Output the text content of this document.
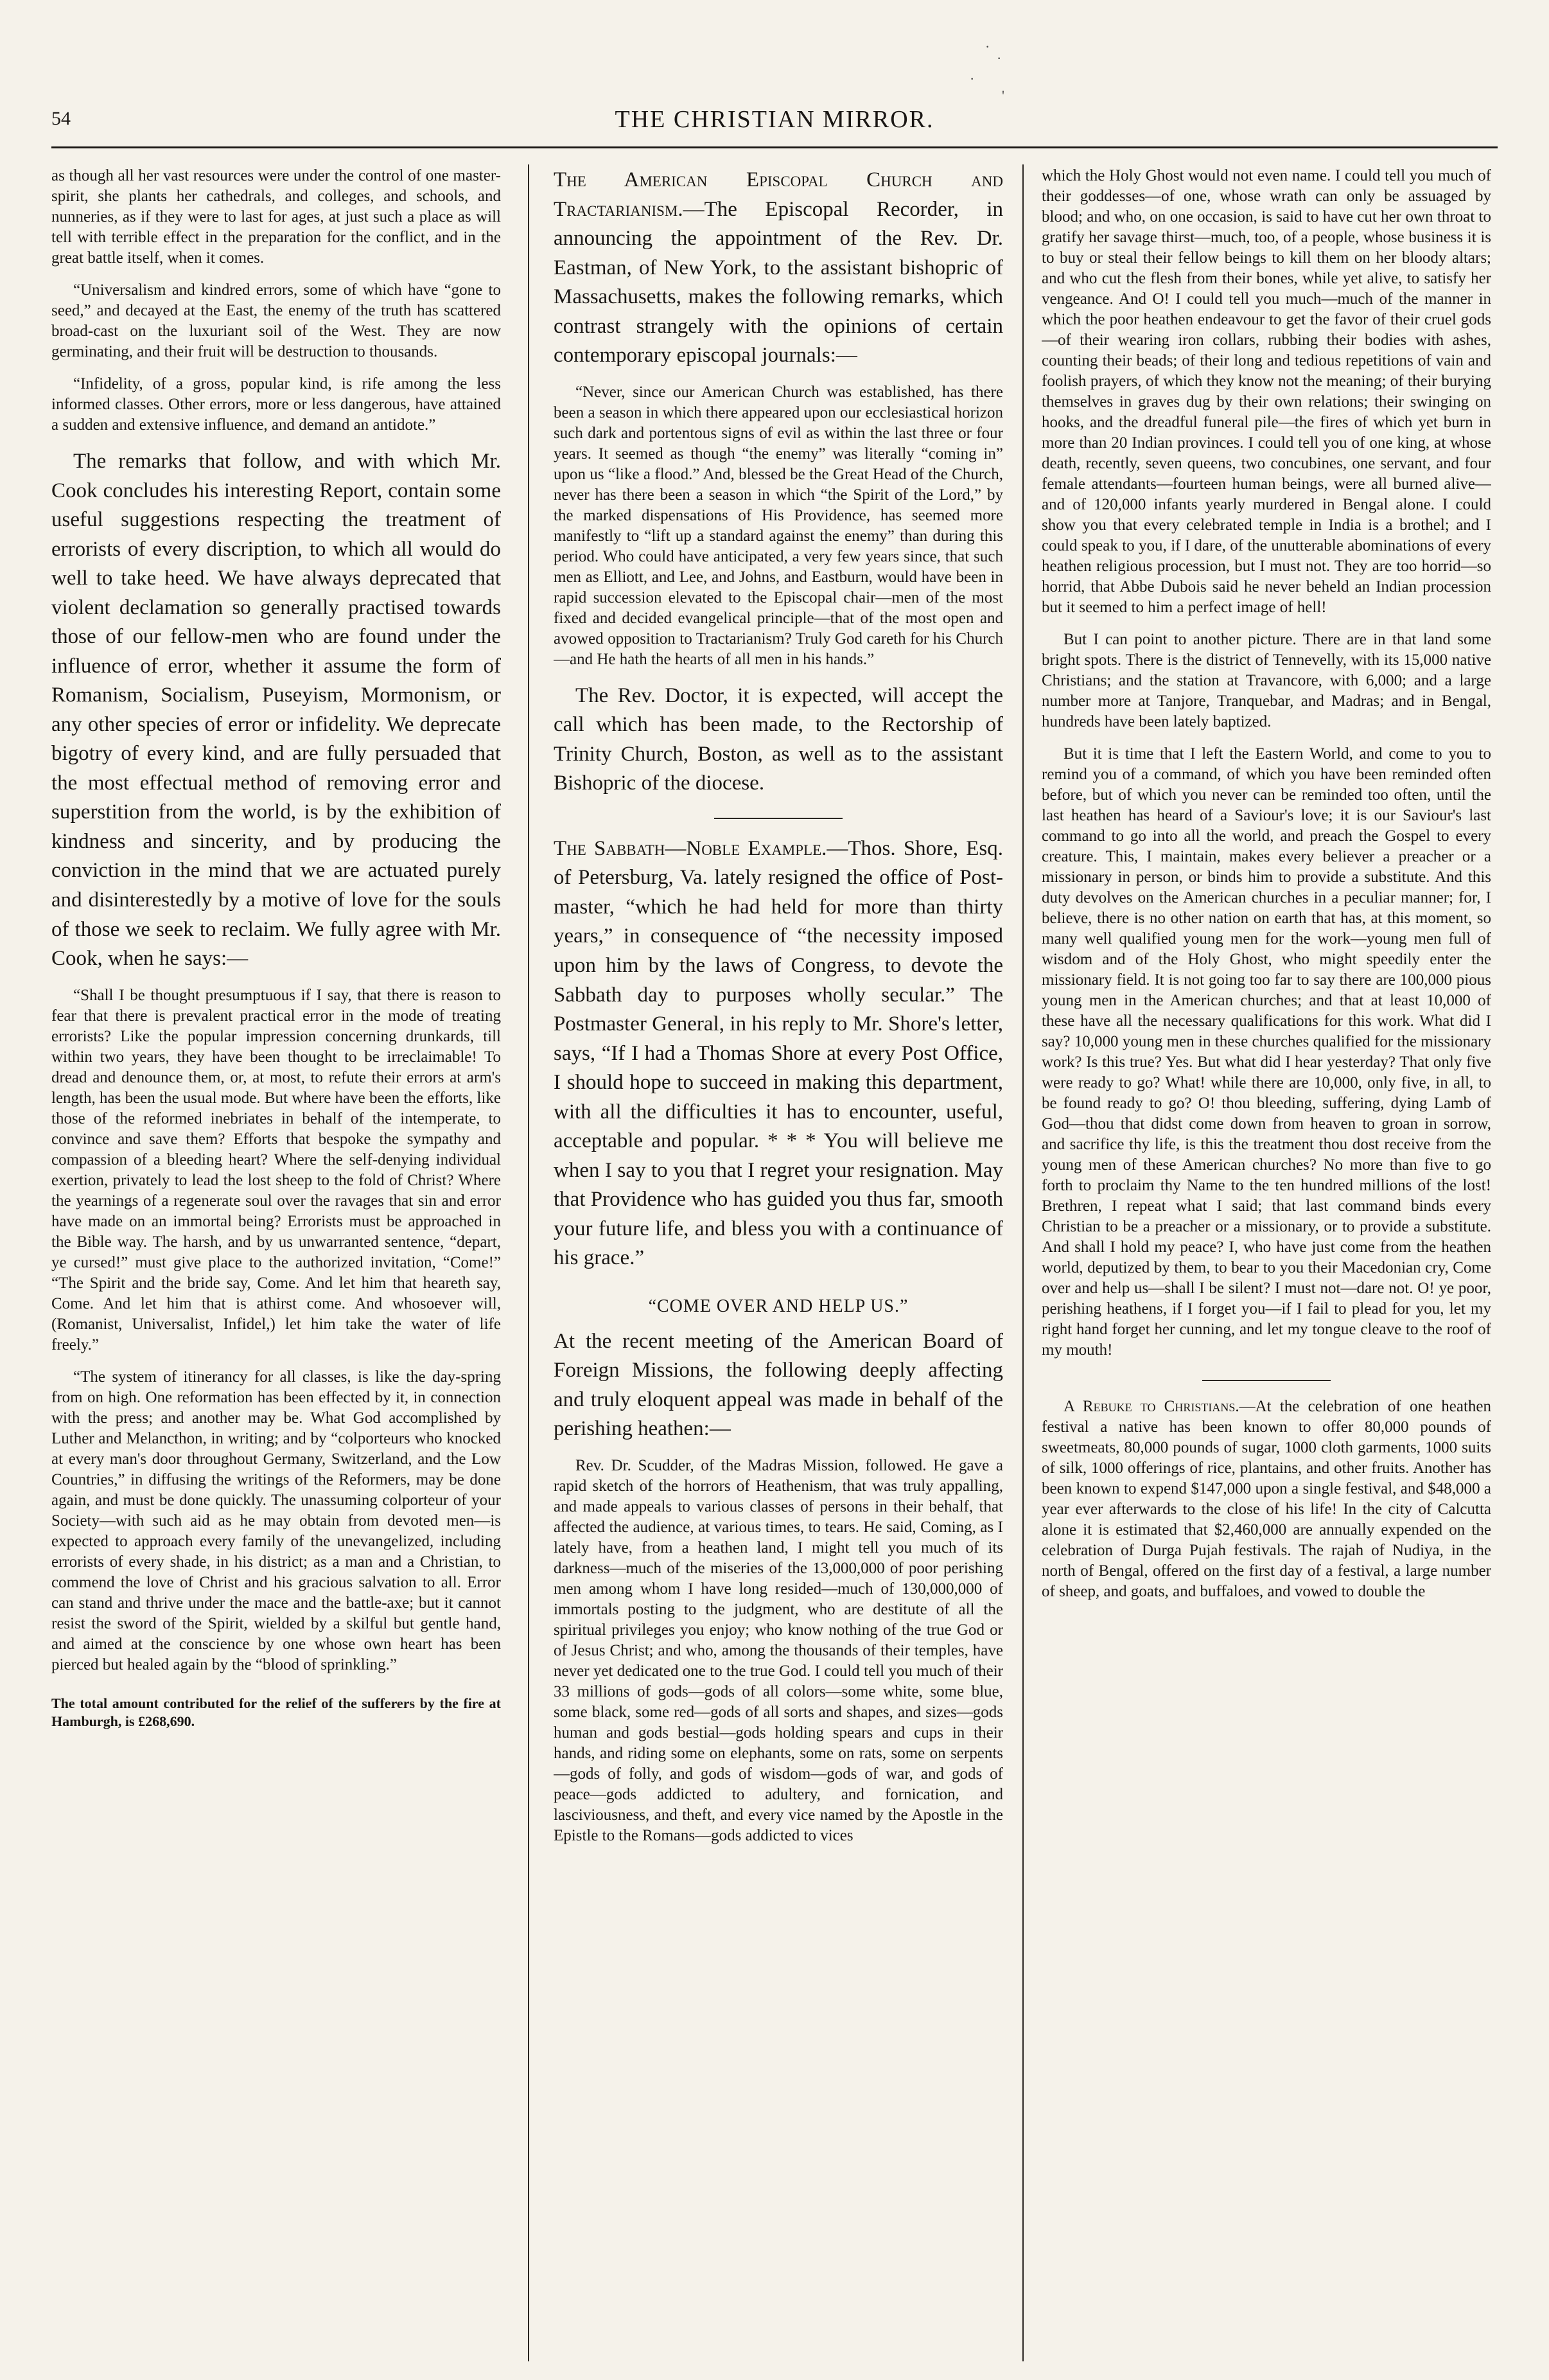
·
·
·
'
54	THE CHRISTIAN MIRROR.

as though all her vast resources were under the control of one master-spirit, she plants her cathedrals, and colleges, and schools, and nunneries, as if they were to last for ages, at just such a place as will tell with terrible effect in the preparation for the conflict, and in the great battle itself, when it comes.

“Universalism and kindred errors, some of which have “gone to seed,” and decayed at the East, the enemy of the truth has scattered broad-cast on the luxuriant soil of the West. They are now germinating, and their fruit will be destruction to thousands.

“Infidelity, of a gross, popular kind, is rife among the less informed classes. Other errors, more or less dangerous, have attained a sudden and extensive influence, and demand an antidote.”

The remarks that follow, and with which Mr. Cook concludes his interesting Report, contain some useful suggestions respecting the treatment of errorists of every discription, to which all would do well to take heed. We have always deprecated that violent declamation so generally practised towards those of our fellow-men who are found under the influence of error, whether it assume the form of Romanism, Socialism, Puseyism, Mormonism, or any other species of error or infidelity. We deprecate bigotry of every kind, and are fully persuaded that the most effectual method of removing error and superstition from the world, is by the exhibition of kindness and sincerity, and by producing the conviction in the mind that we are actuated purely and disinterestedly by a motive of love for the souls of those we seek to reclaim. We fully agree with Mr. Cook, when he says:—

“Shall I be thought presumptuous if I say, that there is reason to fear that there is prevalent practical error in the mode of treating errorists? Like the popular impression concerning drunkards, till within two years, they have been thought to be irreclaimable! To dread and denounce them, or, at most, to refute their errors at arm's length, has been the usual mode. But where have been the efforts, like those of the reformed inebriates in behalf of the intemperate, to convince and save them? Efforts that bespoke the sympathy and compassion of a bleeding heart? Where the self-denying individual exertion, privately to lead the lost sheep to the fold of Christ? Where the yearnings of a regenerate soul over the ravages that sin and error have made on an immortal being? Errorists must be approached in the Bible way. The harsh, and by us unwarranted sentence, “depart, ye cursed!” must give place to the authorized invitation, “Come!” “The Spirit and the bride say, Come. And let him that heareth say, Come. And let him that is athirst come. And whosoever will, (Romanist, Universalist, Infidel,) let him take the water of life freely.”

“The system of itinerancy for all classes, is like the day-spring from on high. One reformation has been effected by it, in connection with the press; and another may be. What God accomplished by Luther and Melancthon, in writing; and by “colporteurs who knocked at every man's door throughout Germany, Switzerland, and the Low Countries,” in diffusing the writings of the Reformers, may be done again, and must be done quickly. The unassuming colporteur of your Society—with such aid as he may obtain from devoted men—is expected to approach every family of the unevangelized, including errorists of every shade, in his district; as a man and a Christian, to commend the love of Christ and his gracious salvation to all. Error can stand and thrive under the mace and the battle-axe; but it cannot resist the sword of the Spirit, wielded by a skilful but gentle hand, and aimed at the conscience by one whose own heart has been pierced but healed again by the “blood of sprinkling.”

The total amount contributed for the relief of the sufferers by the fire at Hamburgh, is £268,690.

The American Episcopal Church and Tractarianism.—The Episcopal Recorder, in announcing the appointment of the Rev. Dr. Eastman, of New York, to the assistant bishopric of Massachusetts, makes the following remarks, which contrast strangely with the opinions of certain contemporary episcopal journals:—

“Never, since our American Church was established, has there been a season in which there appeared upon our ecclesiastical horizon such dark and portentous signs of evil as within the last three or four years. It seemed as though “the enemy” was literally “coming in” upon us “like a flood.” And, blessed be the Great Head of the Church, never has there been a season in which “the Spirit of the Lord,” by the marked dispensations of His Providence, has seemed more manifestly to “lift up a standard against the enemy” than during this period. Who could have anticipated, a very few years since, that such men as Elliott, and Lee, and Johns, and Eastburn, would have been in rapid succession elevated to the Episcopal chair—men of the most fixed and decided evangelical principle—that of the most open and avowed opposition to Tractarianism? Truly God careth for his Church—and He hath the hearts of all men in his hands.”

The Rev. Doctor, it is expected, will accept the call which has been made, to the Rectorship of Trinity Church, Boston, as well as to the assistant Bishopric of the diocese.

The Sabbath—Noble Example.—Thos. Shore, Esq. of Petersburg, Va. lately resigned the office of Post-master, “which he had held for more than thirty years,” in consequence of “the necessity imposed upon him by the laws of Congress, to devote the Sabbath day to purposes wholly secular.” The Postmaster General, in his reply to Mr. Shore's letter, says, “If I had a Thomas Shore at every Post Office, I should hope to succeed in making this department, with all the difficulties it has to encounter, useful, acceptable and popular. * * * You will believe me when I say to you that I regret your resignation. May that Providence who has guided you thus far, smooth your future life, and bless you with a continuance of his grace.”

“COME OVER AND HELP US.”

At the recent meeting of the American Board of Foreign Missions, the following deeply affecting and truly eloquent appeal was made in behalf of the perishing heathen:—

Rev. Dr. Scudder, of the Madras Mission, followed. He gave a rapid sketch of the horrors of Heathenism, that was truly appalling, and made appeals to various classes of persons in their behalf, that affected the audience, at various times, to tears. He said, Coming, as I lately have, from a heathen land, I might tell you much of its darkness—much of the miseries of the 13,000,000 of poor perishing men among whom I have long resided—much of 130,000,000 of immortals posting to the judgment, who are destitute of all the spiritual privileges you enjoy; who know nothing of the true God or of Jesus Christ; and who, among the thousands of their temples, have never yet dedicated one to the true God. I could tell you much of their 33 millions of gods—gods of all colors—some white, some blue, some black, some red—gods of all sorts and shapes, and sizes—gods human and gods bestial—gods holding spears and cups in their hands, and riding some on elephants, some on rats, some on serpents—gods of folly, and gods of wisdom—gods of war, and gods of peace—gods addicted to adultery, and fornication, and lasciviousness, and theft, and every vice named by the Apostle in the Epistle to the Romans—gods addicted to vices

which the Holy Ghost would not even name. I could tell you much of their goddesses—of one, whose wrath can only be assuaged by blood; and who, on one occasion, is said to have cut her own throat to gratify her savage thirst—much, too, of a people, whose business it is to buy or steal their fellow beings to kill them on her bloody altars; and who cut the flesh from their bones, while yet alive, to satisfy her vengeance. And O! I could tell you much—much of the manner in which the poor heathen endeavour to get the favor of their cruel gods—of their wearing iron collars, rubbing their bodies with ashes, counting their beads; of their long and tedious repetitions of vain and foolish prayers, of which they know not the meaning; of their burying themselves in graves dug by their own relations; their swinging on hooks, and the dreadful funeral pile—the fires of which yet burn in more than 20 Indian provinces. I could tell you of one king, at whose death, recently, seven queens, two concubines, one servant, and four female attendants—fourteen human beings, were all burned alive—and of 120,000 infants yearly murdered in Bengal alone. I could show you that every celebrated temple in India is a brothel; and I could speak to you, if I dare, of the unutterable abominations of every heathen religious procession, but I must not. They are too horrid—so horrid, that Abbe Dubois said he never beheld an Indian procession but it seemed to him a perfect image of hell!

But I can point to another picture. There are in that land some bright spots. There is the district of Tennevelly, with its 15,000 native Christians; and the station at Travancore, with 6,000; and a large number more at Tanjore, Tranquebar, and Madras; and in Bengal, hundreds have been lately baptized.

But it is time that I left the Eastern World, and come to you to remind you of a command, of which you have been reminded often before, but of which you never can be reminded too often, until the last heathen has heard of a Saviour's love; it is our Saviour's last command to go into all the world, and preach the Gospel to every creature. This, I maintain, makes every believer a preacher or a missionary in person, or binds him to provide a substitute. And this duty devolves on the American churches in a peculiar manner; for, I believe, there is no other nation on earth that has, at this moment, so many well qualified young men for the work—young men full of wisdom and of the Holy Ghost, who might speedily enter the missionary field. It is not going too far to say there are 100,000 pious young men in the American churches; and that at least 10,000 of these have all the necessary qualifications for this work. What did I say? 10,000 young men in these churches qualified for the missionary work? Is this true? Yes. But what did I hear yesterday? That only five were ready to go? What! while there are 10,000, only five, in all, to be found ready to go? O! thou bleeding, suffering, dying Lamb of God—thou that didst come down from heaven to groan in sorrow, and sacrifice thy life, is this the treatment thou dost receive from the young men of these American churches? No more than five to go forth to proclaim thy Name to the ten hundred millions of the lost! Brethren, I repeat what I said; that last command binds every Christian to be a preacher or a missionary, or to provide a substitute. And shall I hold my peace? I, who have just come from the heathen world, deputized by them, to bear to you their Macedonian cry, Come over and help us—shall I be silent? I must not—dare not. O! ye poor, perishing heathens, if I forget you—if I fail to plead for you, let my right hand forget her cunning, and let my tongue cleave to the roof of my mouth!

A Rebuke to Christians.—At the celebration of one heathen festival a native has been known to offer 80,000 pounds of sweetmeats, 80,000 pounds of sugar, 1000 cloth garments, 1000 suits of silk, 1000 offerings of rice, plantains, and other fruits. Another has been known to expend $147,000 upon a single festival, and $48,000 a year ever afterwards to the close of his life! In the city of Calcutta alone it is estimated that $2,460,000 are annually expended on the celebration of Durga Pujah festivals. The rajah of Nudiya, in the north of Bengal, offered on the first day of a festival, a large number of sheep, and goats, and buffaloes, and vowed to double the
